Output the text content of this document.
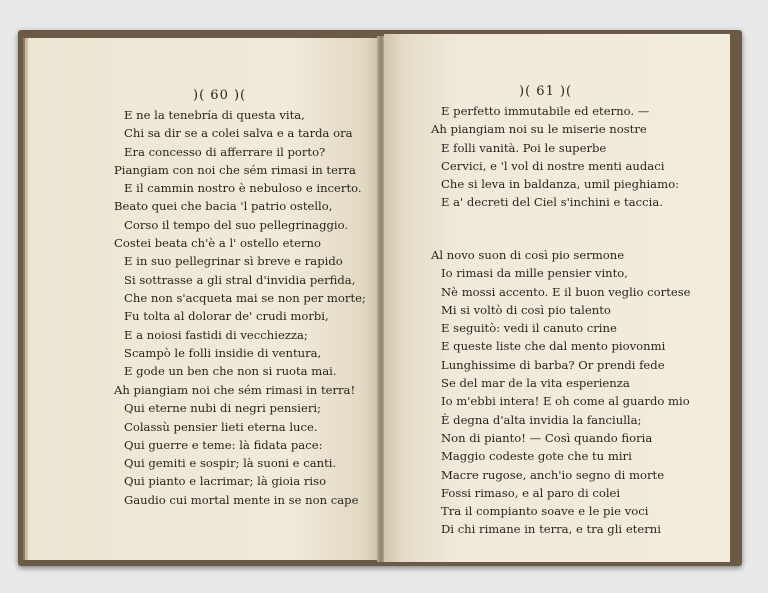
)( 60 )(
E ne la tenebría di questa vita,
Chi sa dir se a colei salva e a tarda ora
Era concesso di afferrare il porto?
Piangiam con noi che sém rimasi in terra
E il cammin nostro è nebuloso e incerto.
Beato quei che bacia 'l patrio ostello,
Corso il tempo del suo pellegrinaggio.
Costei beata ch'è a l' ostello eterno
E in suo pellegrinar sì breve e rapido
Si sottrasse a gli stral d'invidia perfida,
Che non s'acqueta mai se non per morte;
Fu tolta al dolorar de' crudi morbi,
E a noiosi fastidi di vecchiezza;
Scampò le folli insidie di ventura,
E gode un ben che non si ruota mai.
Ah piangiam noi che sém rimasi in terra!
Qui eterne nubi di negri pensieri;
Colassù pensier lieti eterna luce.
Qui guerre e teme: là fidata pace:
Qui gemiti e sospir; là suoni e canti.
Qui pianto e lacrimar; là gioia riso
Gaudio cui mortal mente in se non cape
)( 61 )(
E perfetto immutabile ed eterno. —
Ah piangiam noi su le miserie nostre
E folli vanità. Poi le superbe
Cervici, e 'l vol di nostre menti audaci
Che si leva in baldanza, umil pieghiamo:
E a' decreti del Ciel s'inchini e taccia.
Al novo suon di così pio sermone
Io rimasi da mille pensier vinto,
Nè mossi accento. E il buon veglio cortese
Mi si voltò di così pio talento
E seguitò: vedi il canuto crine
E queste liste che dal mento piovonmi
Lunghissime di barba? Or prendi fede
Se del mar de la vita esperienza
Io m'ebbi intera! E oh come al guardo mio
È degna d'alta invidia la fanciulla;
Non di pianto! — Così quando fioria
Maggio codeste gote che tu miri
Macre rugose, anch'io segno di morte
Fossi rimaso, e al paro di colei
Tra il compianto soave e le pie voci
Di chi rimane in terra, e tra gli eterni
